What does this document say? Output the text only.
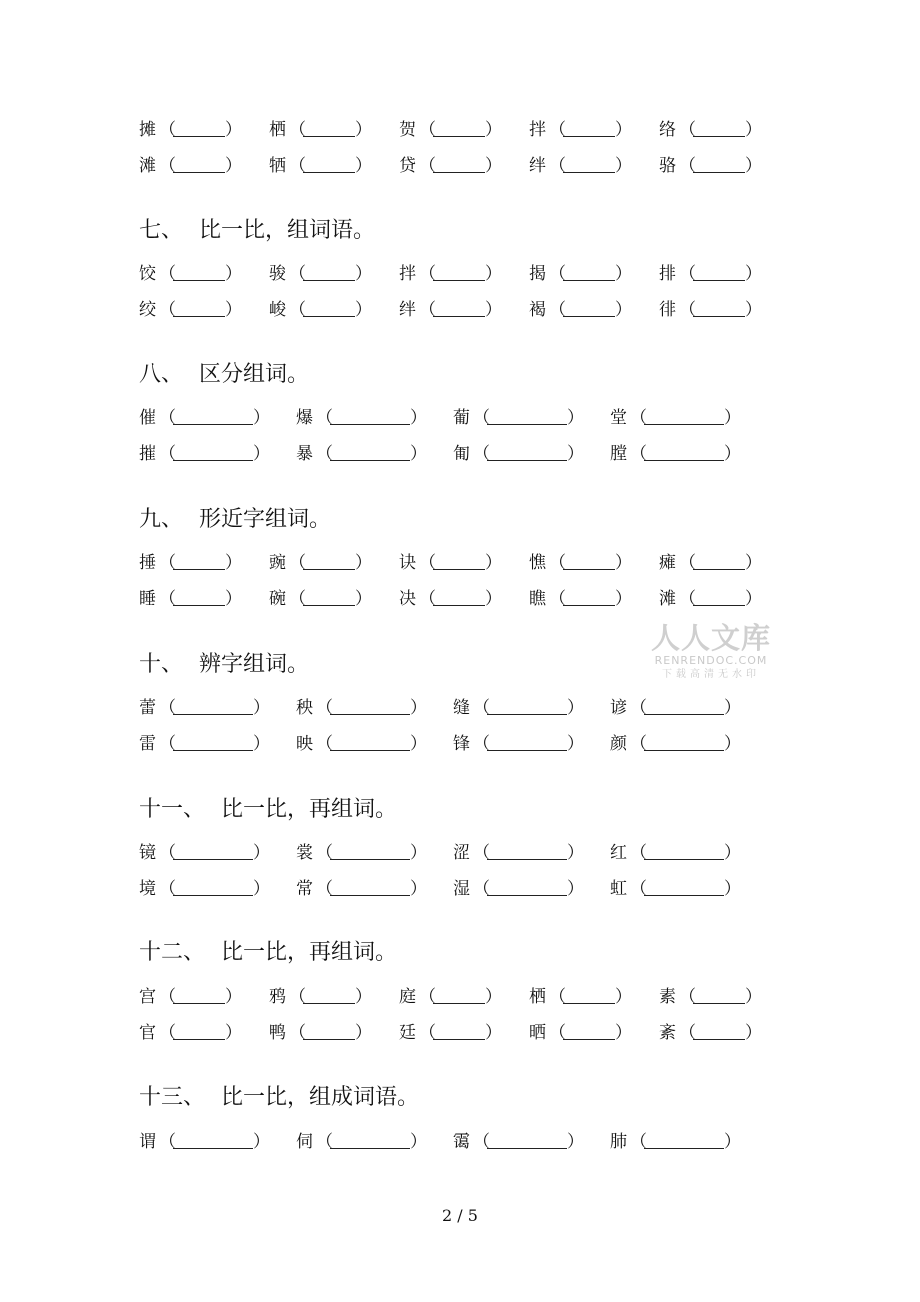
摊 （	） 栖 （	） 贺 （	） 拌 （	） 络 （	）
滩 （	） 牺 （	） 贷 （	） 绊 （	） 骆 （	）
七、 比一比，组词语。
饺 （	） 骏 （	） 拌 （	） 揭 （	） 排 （	）
绞 （	） 峻 （	） 绊 （	） 褐 （	） 徘 （	）
八、 区分组词。
催 （	） 爆 （	） 葡 （	） 堂 （	）
摧 （	） 暴 （	） 匍 （	） 膛 （	）
九、 形近字组词。
捶 （	） 豌 （	） 诀 （	） 憔 （	） 瘫 （	）
睡 （	） 碗 （	） 决 （	） 瞧 （	） 滩 （	）
十、 辨字组词。
蕾 （	） 秧 （	） 缝 （	） 谚 （	）
雷 （	） 映 （	） 锋 （	） 颜 （	）
十一、 比一比，再组词。
镜 （	） 裳 （	） 涩 （	） 红 （	）
境 （	） 常 （	） 湿 （	） 虹 （	）
十二、 比一比，再组词。
宫 （	） 鸦 （	） 庭 （	） 栖 （	） 素 （	）
官 （	） 鸭 （	） 廷 （	） 晒 （	） 紊 （	）
十三、 比一比，组成词语。
谓 （	） 伺 （	） 霭 （	） 肺 （	）
2 / 5
人人文库
RENRENDOC.COM
下载高清无水印
